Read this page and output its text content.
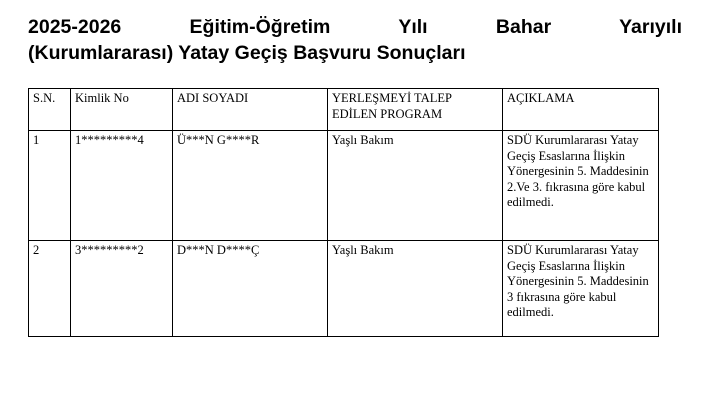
2025-2026 Eğitim-Öğretim Yılı Bahar Yarıyılı
(Kurumlararası) Yatay Geçiş Başvuru Sonuçları
S.N.	Kimlik No	ADI SOYADI	YERLEŞMEYİ TALEP EDİLEN PROGRAM	AÇIKLAMA
1	1*********4	Ü***N G****R	Yaşlı Bakım	SDÜ Kurumlararası Yatay Geçiş Esaslarına İlişkin Yönergesinin 5. Maddesinin 2.Ve 3. fıkrasına göre kabul edilmedi.
2	3*********2	D***N D****Ç	Yaşlı Bakım	SDÜ Kurumlararası Yatay Geçiş Esaslarına İlişkin Yönergesinin 5. Maddesinin 3 fıkrasına göre kabul edilmedi.
